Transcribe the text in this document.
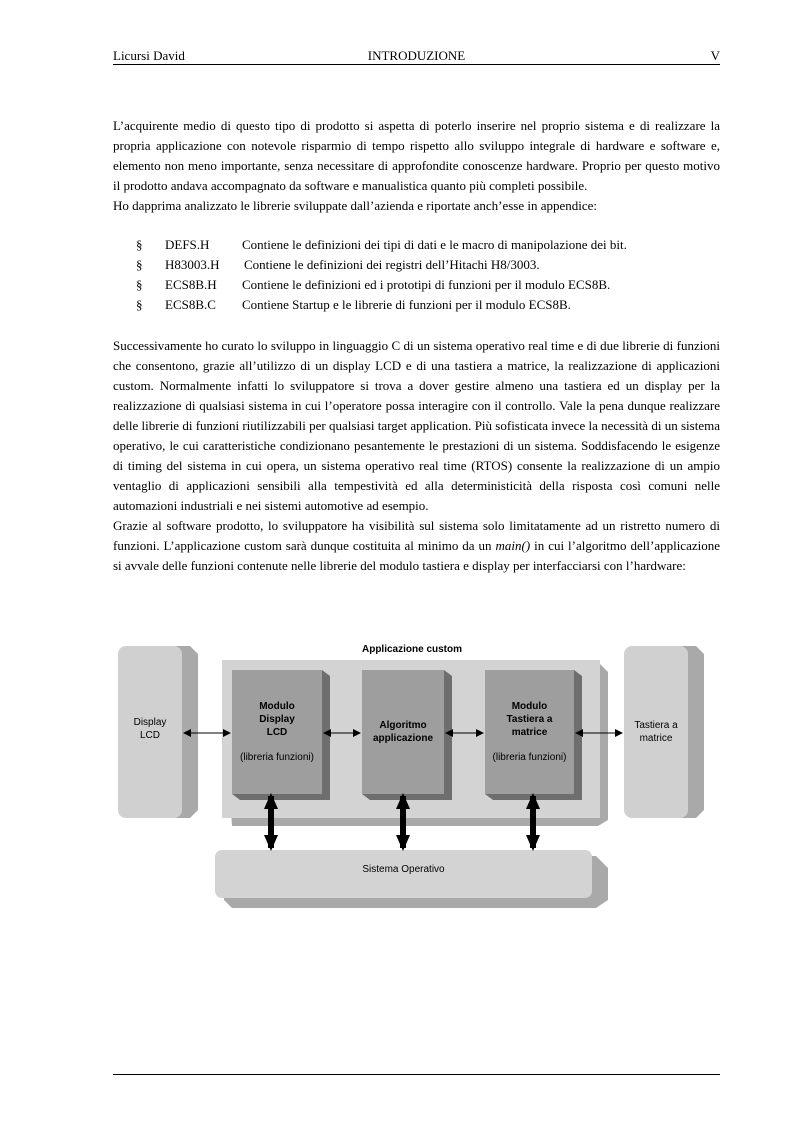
Licursi David	INTRODUZIONE	V

L’acquirente medio di questo tipo di prodotto si aspetta di poterlo inserire nel proprio sistema e di realizzare la propria applicazione con notevole risparmio di tempo rispetto allo sviluppo integrale di hardware e software e, elemento non meno importante, senza necessitare di approfondite conoscenze hardware. Proprio per questo motivo il prodotto andava accompagnato da software e manualistica quanto più completi possibile.

Ho dapprima analizzato le librerie sviluppate dall’azienda e riportate anch’esse in appendice:

§ DEFS.H	Contiene le definizioni dei tipi di dati e le macro di manipolazione dei bit.
§ H83003.H Contiene le definizioni dei registri dell’Hitachi H8/3003.
§ ECS8B.H Contiene le definizioni ed i prototipi di funzioni per il modulo ECS8B.
§ ECS8B.C Contiene Startup e le librerie di funzioni per il modulo ECS8B.

Successivamente ho curato lo sviluppo in linguaggio C di un sistema operativo real time e di due librerie di funzioni che consentono, grazie all’utilizzo di un display LCD e di una tastiera a matrice, la realizzazione di applicazioni custom. Normalmente infatti lo sviluppatore si trova a dover gestire almeno una tastiera ed un display per la realizzazione di qualsiasi sistema in cui l’operatore possa interagire con il controllo. Vale la pena dunque realizzare delle librerie di funzioni riutilizzabili per qualsiasi target application. Più sofisticata invece la necessità di un sistema operativo, le cui caratteristiche condizionano pesantemente le prestazioni di un sistema. Soddisfacendo le esigenze di timing del sistema in cui opera, un sistema operativo real time (RTOS) consente la realizzazione di un ampio ventaglio di applicazioni sensibili alla tempestività ed alla deterministicità della risposta così comuni nelle automazioni industriali e nei sistemi automotive ad esempio.

Grazie al software prodotto, lo sviluppatore ha visibilità sul sistema solo limitatamente ad un ristretto numero di funzioni. L’applicazione custom sarà dunque costituita al minimo da un main() in cui l’algoritmo dell’applicazione si avvale delle funzioni contenute nelle librerie del modulo tastiera e display per interfacciarsi con l’hardware:

Applicazione custom
Display
LCD
Modulo
Display
LCD
(libreria funzioni)
Algoritmo
applicazione
Modulo
Tastiera a
matrice
(libreria funzioni)
Tastiera a
matrice
Sistema Operativo
